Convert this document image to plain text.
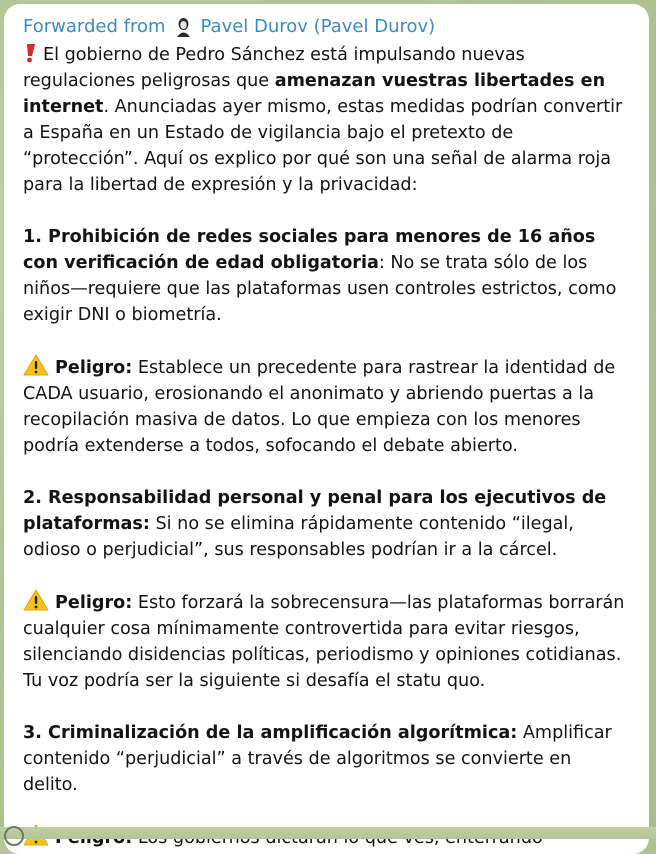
Forwarded from Pavel Durov (Pavel Durov)

El gobierno de Pedro Sánchez está impulsando nuevas regulaciones peligrosas que amenazan vuestras libertades en internet. Anunciadas ayer mismo, estas medidas podrían convertir a España en un Estado de vigilancia bajo el pretexto de “protección”. Aquí os explico por qué son una señal de alarma roja para la libertad de expresión y la privacidad:

1. Prohibición de redes sociales para menores de 16 años con verificación de edad obligatoria: No se trata sólo de los niños—requiere que las plataformas usen controles estrictos, como exigir DNI o biometría.

Peligro: Establece un precedente para rastrear la identidad de CADA usuario, erosionando el anonimato y abriendo puertas a la recopilación masiva de datos. Lo que empieza con los menores podría extenderse a todos, sofocando el debate abierto.

2. Responsabilidad personal y penal para los ejecutivos de plataformas: Si no se elimina rápidamente contenido “ilegal, odioso o perjudicial”, sus responsables podrían ir a la cárcel.

Peligro: Esto forzará la sobrecensura—las plataformas borrarán cualquier cosa mínimamente controvertida para evitar riesgos, silenciando disidencias políticas, periodismo y opiniones cotidianas. Tu voz podría ser la siguiente si desafía el statu quo.

3. Criminalización de la amplificación algorítmica: Amplificar contenido “perjudicial” a través de algoritmos se convierte en delito.
